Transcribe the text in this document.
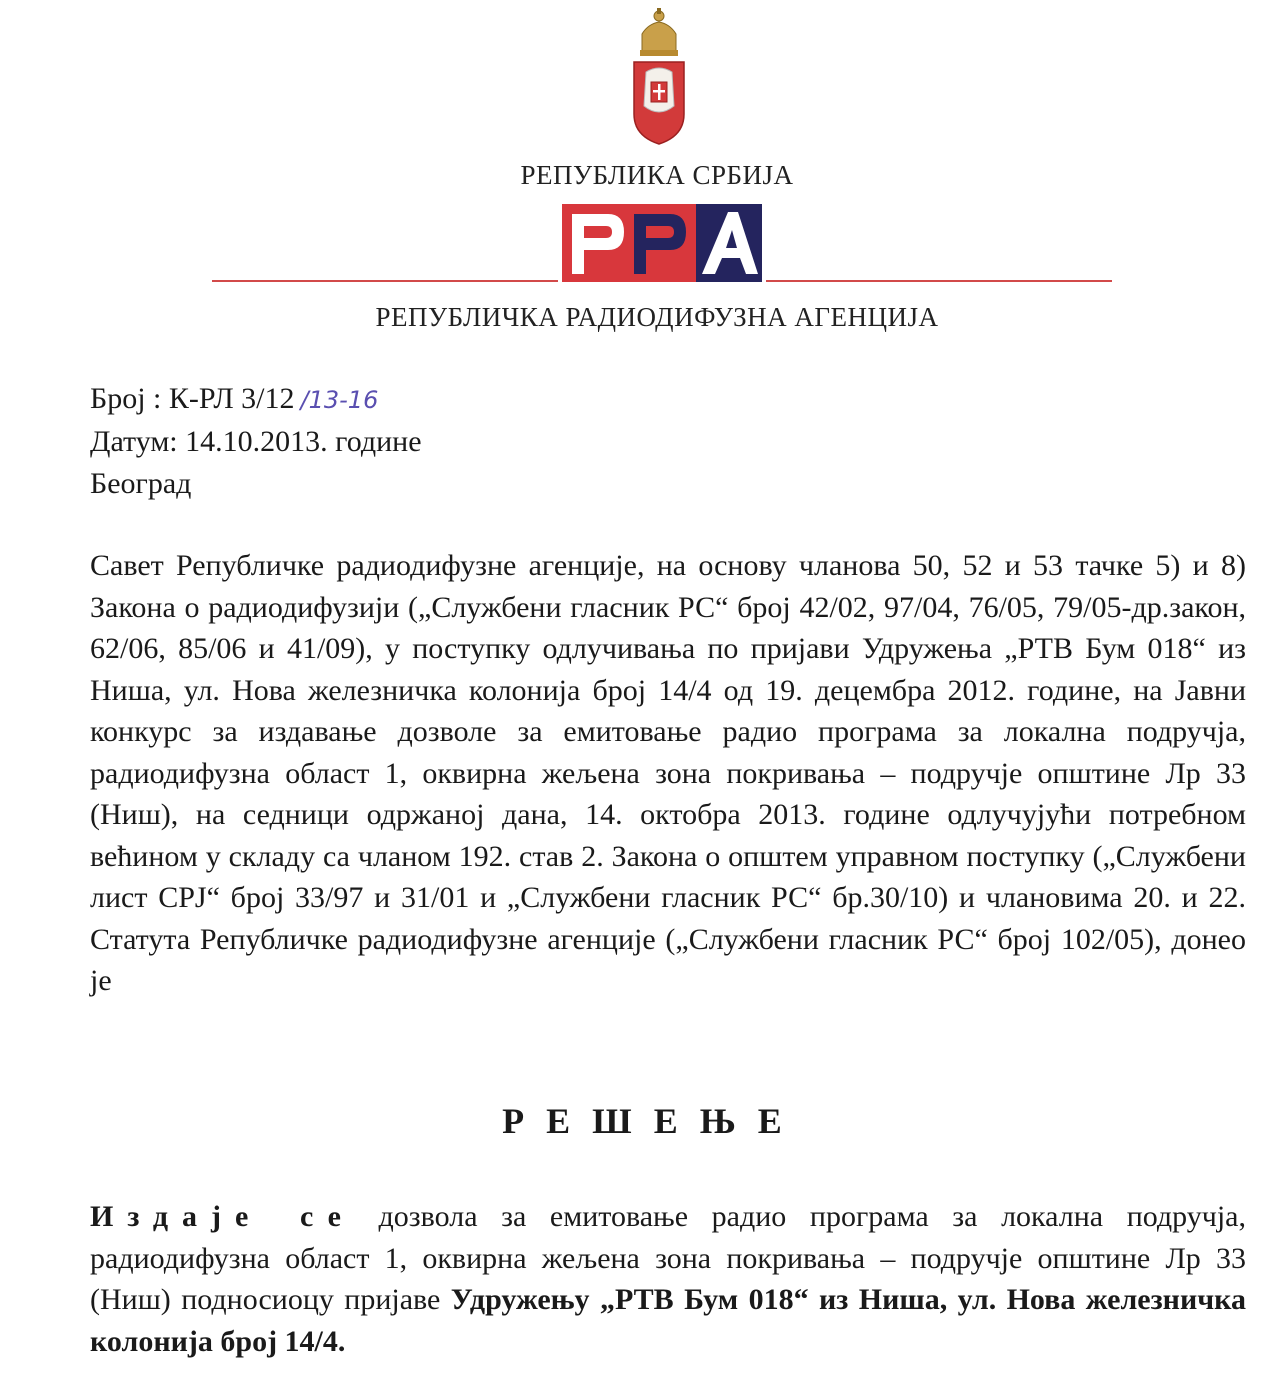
РЕПУБЛИКА СРБИЈА
РЕПУБЛИЧКА РАДИОДИФУЗНА АГЕНЦИЈА
Број : К-РЛ 3/12 /13-16
Датум: 14.10.2013. године
Београд
Савет Републичке радиодифузне агенције, на основу чланова 50, 52 и 53 тачке 5) и 8) Закона о радиодифузији („Службени гласник РС“ број 42/02, 97/04, 76/05, 79/05-др.закон, 62/06, 85/06 и 41/09), у поступку одлучивања по пријави Удружења „РТВ Бум 018“ из Ниша, ул. Нова железничка колонија број 14/4 од 19. децембра 2012. године, на Јавни конкурс за издавање дозволе за емитовање радио програма за локална подручја, радиодифузна област 1, оквирна жељена зона покривања – подручје општине Лр 33 (Ниш), на седници одржаној дана, 14. октобра 2013. године одлучујући потребном већином у складу са чланом 192. став 2. Закона о општем управном поступку („Службени лист СРЈ“ број 33/97 и 31/01 и „Службени гласник РС“ бр.30/10) и члановима 20. и 22. Статута Републичке радиодифузне агенције („Службени гласник РС“ број 102/05), донео је
РЕШЕЊЕ
Издаје се дозвола за емитовање радио програма за локална подручја, радиодифузна област 1, оквирна жељена зона покривања – подручје општине Лр 33 (Ниш) подносиоцу пријаве Удружењу „РТВ Бум 018“ из Ниша, ул. Нова железничка колонија број 14/4.
